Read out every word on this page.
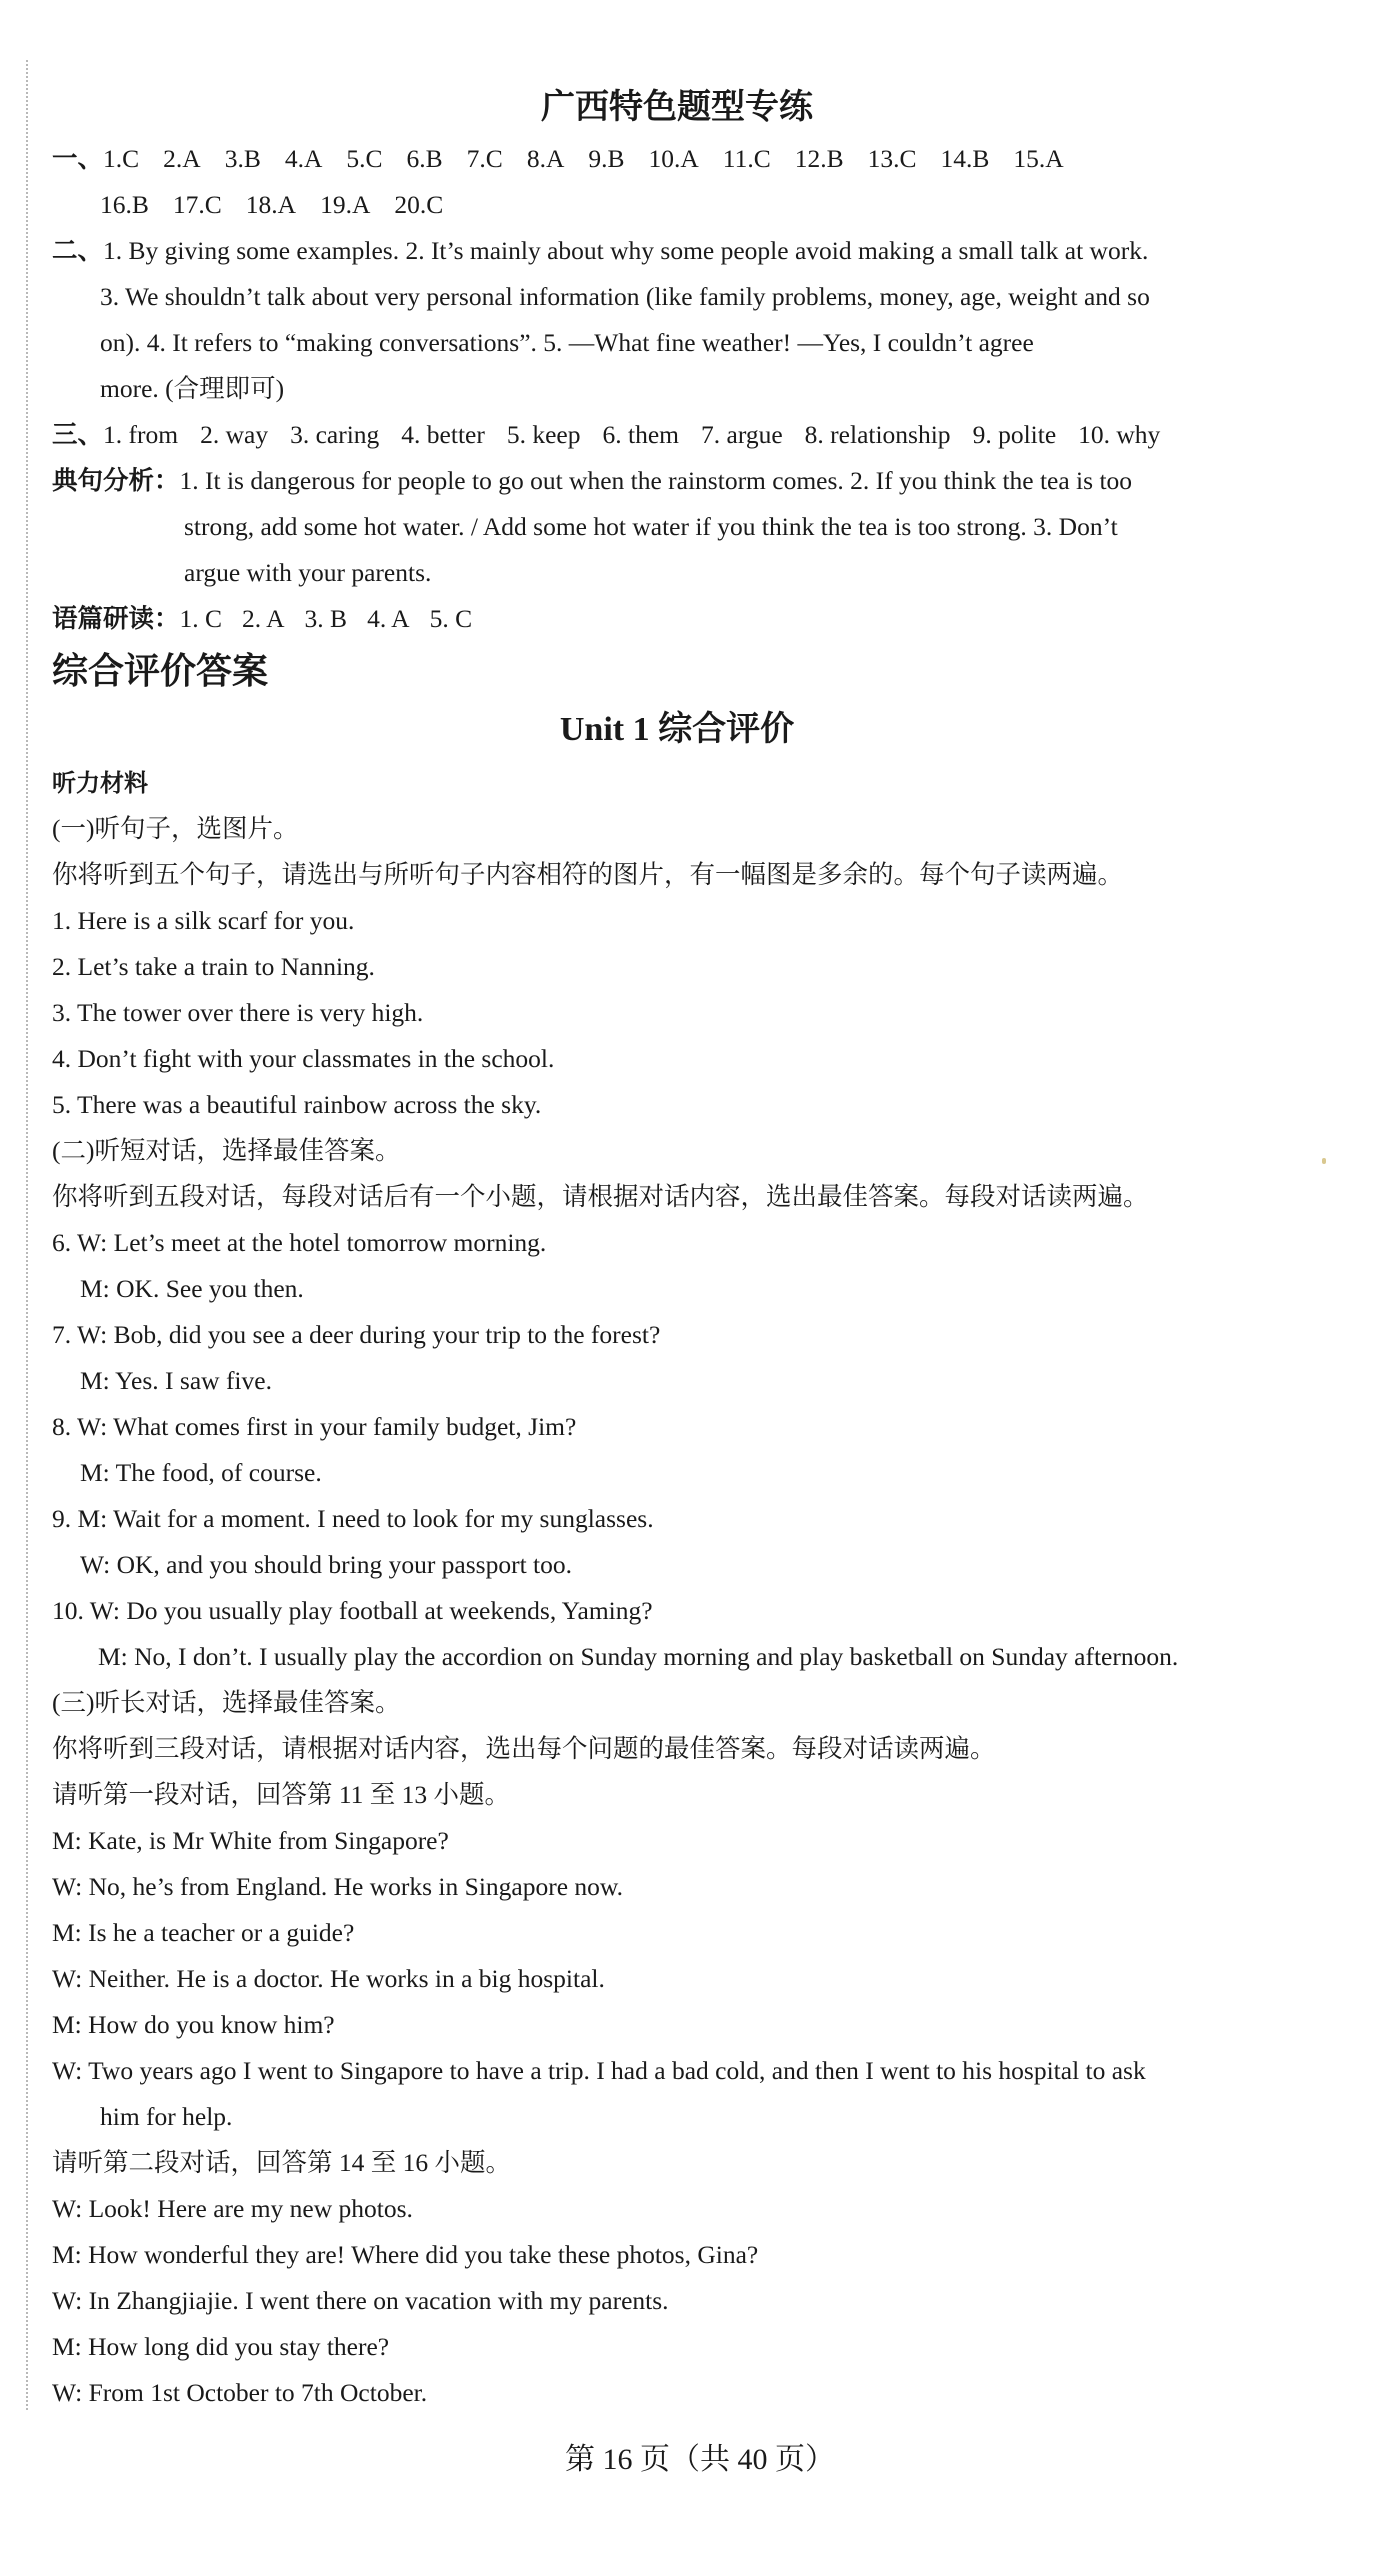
广西特色题型专练
一、1.C 2.A 3.B 4.A 5.C 6.B 7.C 8.A 9.B 10.A 11.C 12.B 13.C 14.B 15.A
16.B 17.C 18.A 19.A 20.C
二、1. By giving some examples. 2. It’s mainly about why some people avoid making a small talk at work.
3. We shouldn’t talk about very personal information (like family problems, money, age, weight and so
on). 4. It refers to “making conversations”. 5. —What fine weather! —Yes, I couldn’t agree
more. (合理即可)
三、1. from 2. way 3. caring 4. better 5. keep 6. them 7. argue 8. relationship 9. polite 10. why
典句分析：1. It is dangerous for people to go out when the rainstorm comes. 2. If you think the tea is too
strong, add some hot water. / Add some hot water if you think the tea is too strong. 3. Don’t
argue with your parents.
语篇研读：1. C 2. A 3. B 4. A 5. C
综合评价答案
Unit 1 综合评价
听力材料
(一)听句子，选图片。
你将听到五个句子，请选出与所听句子内容相符的图片，有一幅图是多余的。每个句子读两遍。
1. Here is a silk scarf for you.
2. Let’s take a train to Nanning.
3. The tower over there is very high.
4. Don’t fight with your classmates in the school.
5. There was a beautiful rainbow across the sky.
(二)听短对话，选择最佳答案。
你将听到五段对话，每段对话后有一个小题，请根据对话内容，选出最佳答案。每段对话读两遍。
6. W: Let’s meet at the hotel tomorrow morning.
M: OK. See you then.
7. W: Bob, did you see a deer during your trip to the forest?
M: Yes. I saw five.
8. W: What comes first in your family budget, Jim?
M: The food, of course.
9. M: Wait for a moment. I need to look for my sunglasses.
W: OK, and you should bring your passport too.
10. W: Do you usually play football at weekends, Yaming?
M: No, I don’t. I usually play the accordion on Sunday morning and play basketball on Sunday afternoon.
(三)听长对话，选择最佳答案。
你将听到三段对话，请根据对话内容，选出每个问题的最佳答案。每段对话读两遍。
请听第一段对话，回答第 11 至 13 小题。
M: Kate, is Mr White from Singapore?
W: No, he’s from England. He works in Singapore now.
M: Is he a teacher or a guide?
W: Neither. He is a doctor. He works in a big hospital.
M: How do you know him?
W: Two years ago I went to Singapore to have a trip. I had a bad cold, and then I went to his hospital to ask
him for help.
请听第二段对话，回答第 14 至 16 小题。
W: Look! Here are my new photos.
M: How wonderful they are! Where did you take these photos, Gina?
W: In Zhangjiajie. I went there on vacation with my parents.
M: How long did you stay there?
W: From 1st October to 7th October.
第 16 页（共 40 页）
